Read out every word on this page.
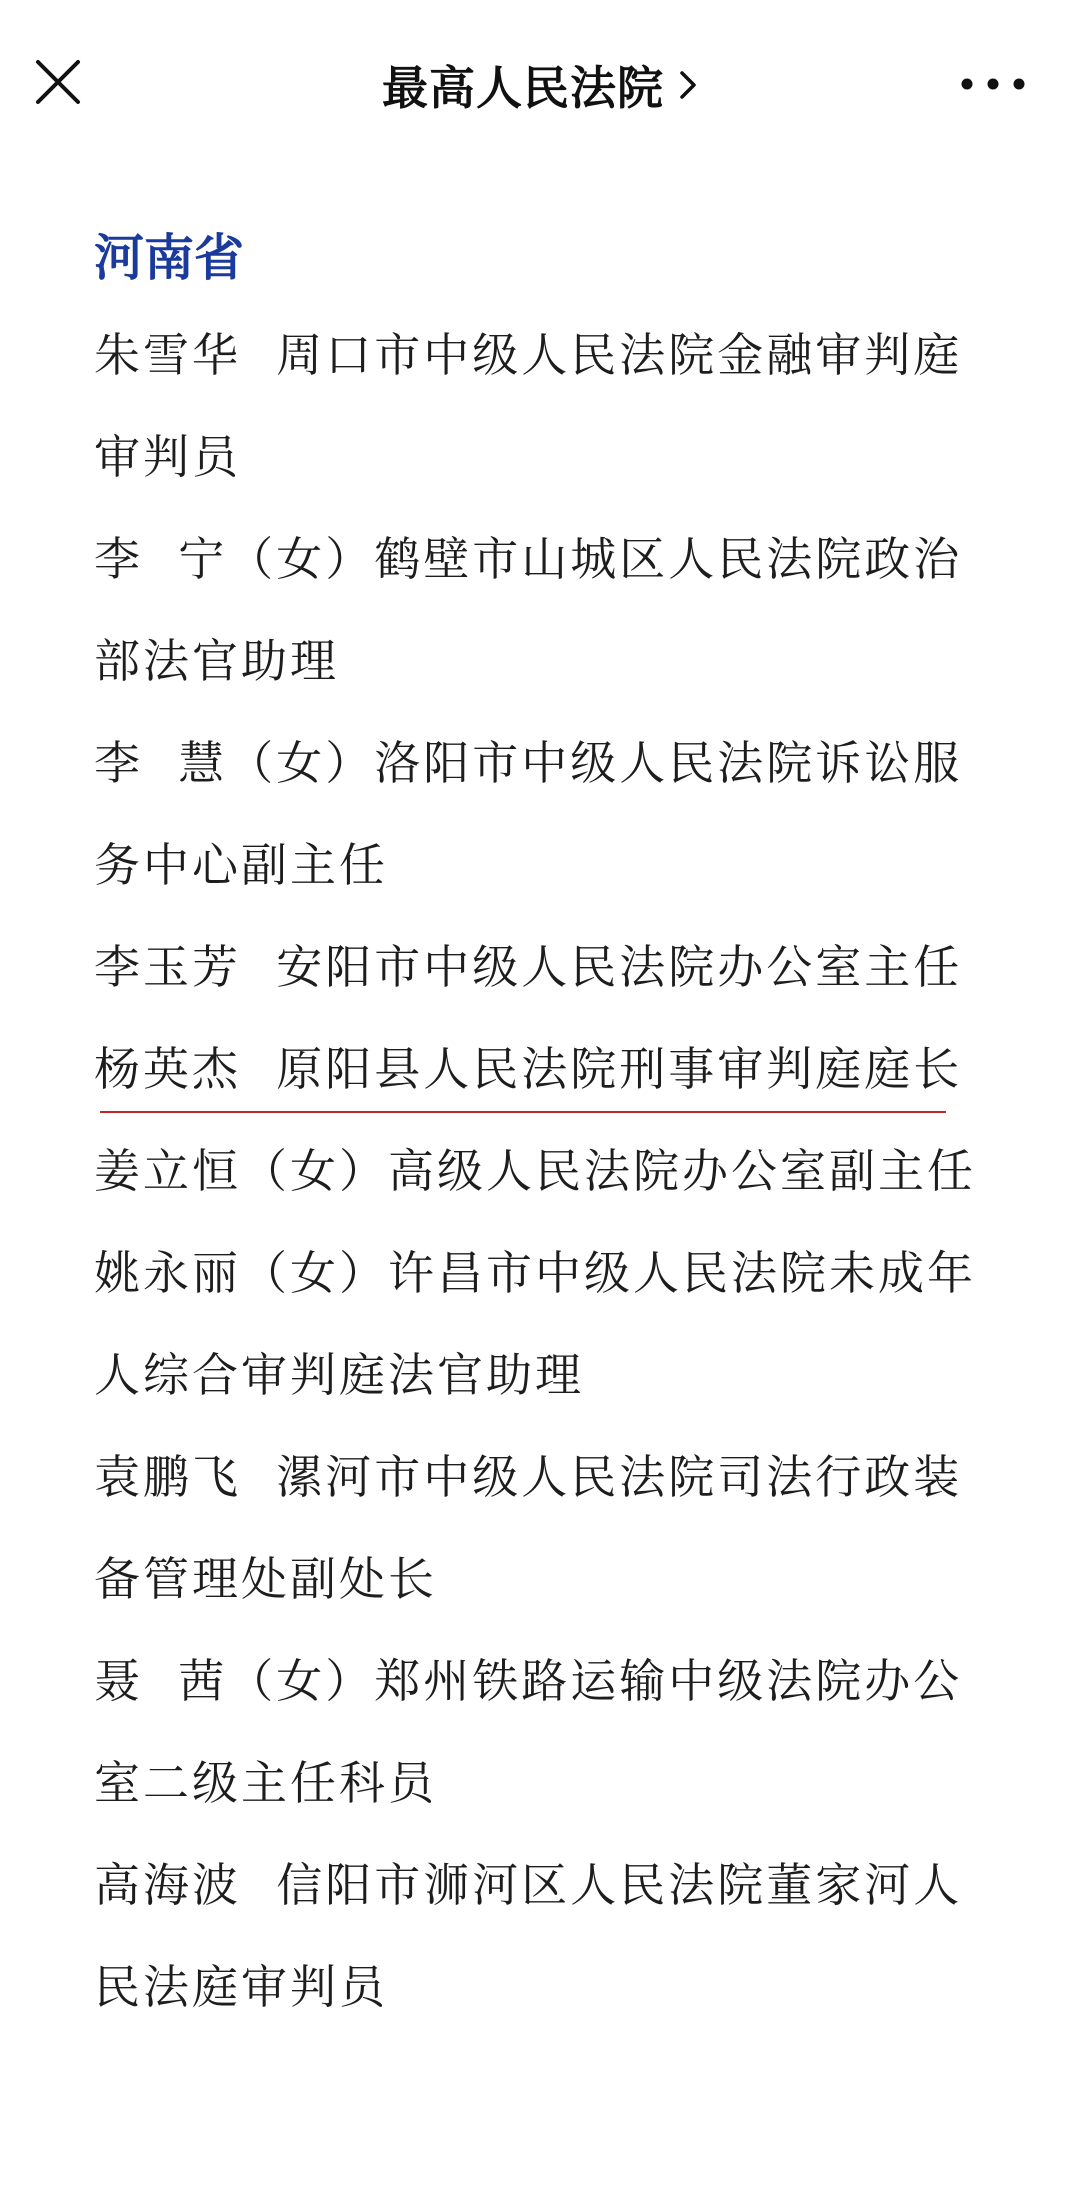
最高人民法院
河南省
朱雪华  周口市中级人民法院金融审判庭审判员
李  宁（女）鹤壁市山城区人民法院政治部法官助理
李  慧（女）洛阳市中级人民法院诉讼服务中心副主任
李玉芳  安阳市中级人民法院办公室主任
杨英杰  原阳县人民法院刑事审判庭庭长
姜立恒（女）高级人民法院办公室副主任
姚永丽（女）许昌市中级人民法院未成年人综合审判庭法官助理
袁鹏飞  漯河市中级人民法院司法行政装备管理处副处长
聂  茜（女）郑州铁路运输中级法院办公室二级主任科员
高海波  信阳市浉河区人民法院董家河人民法庭审判员
